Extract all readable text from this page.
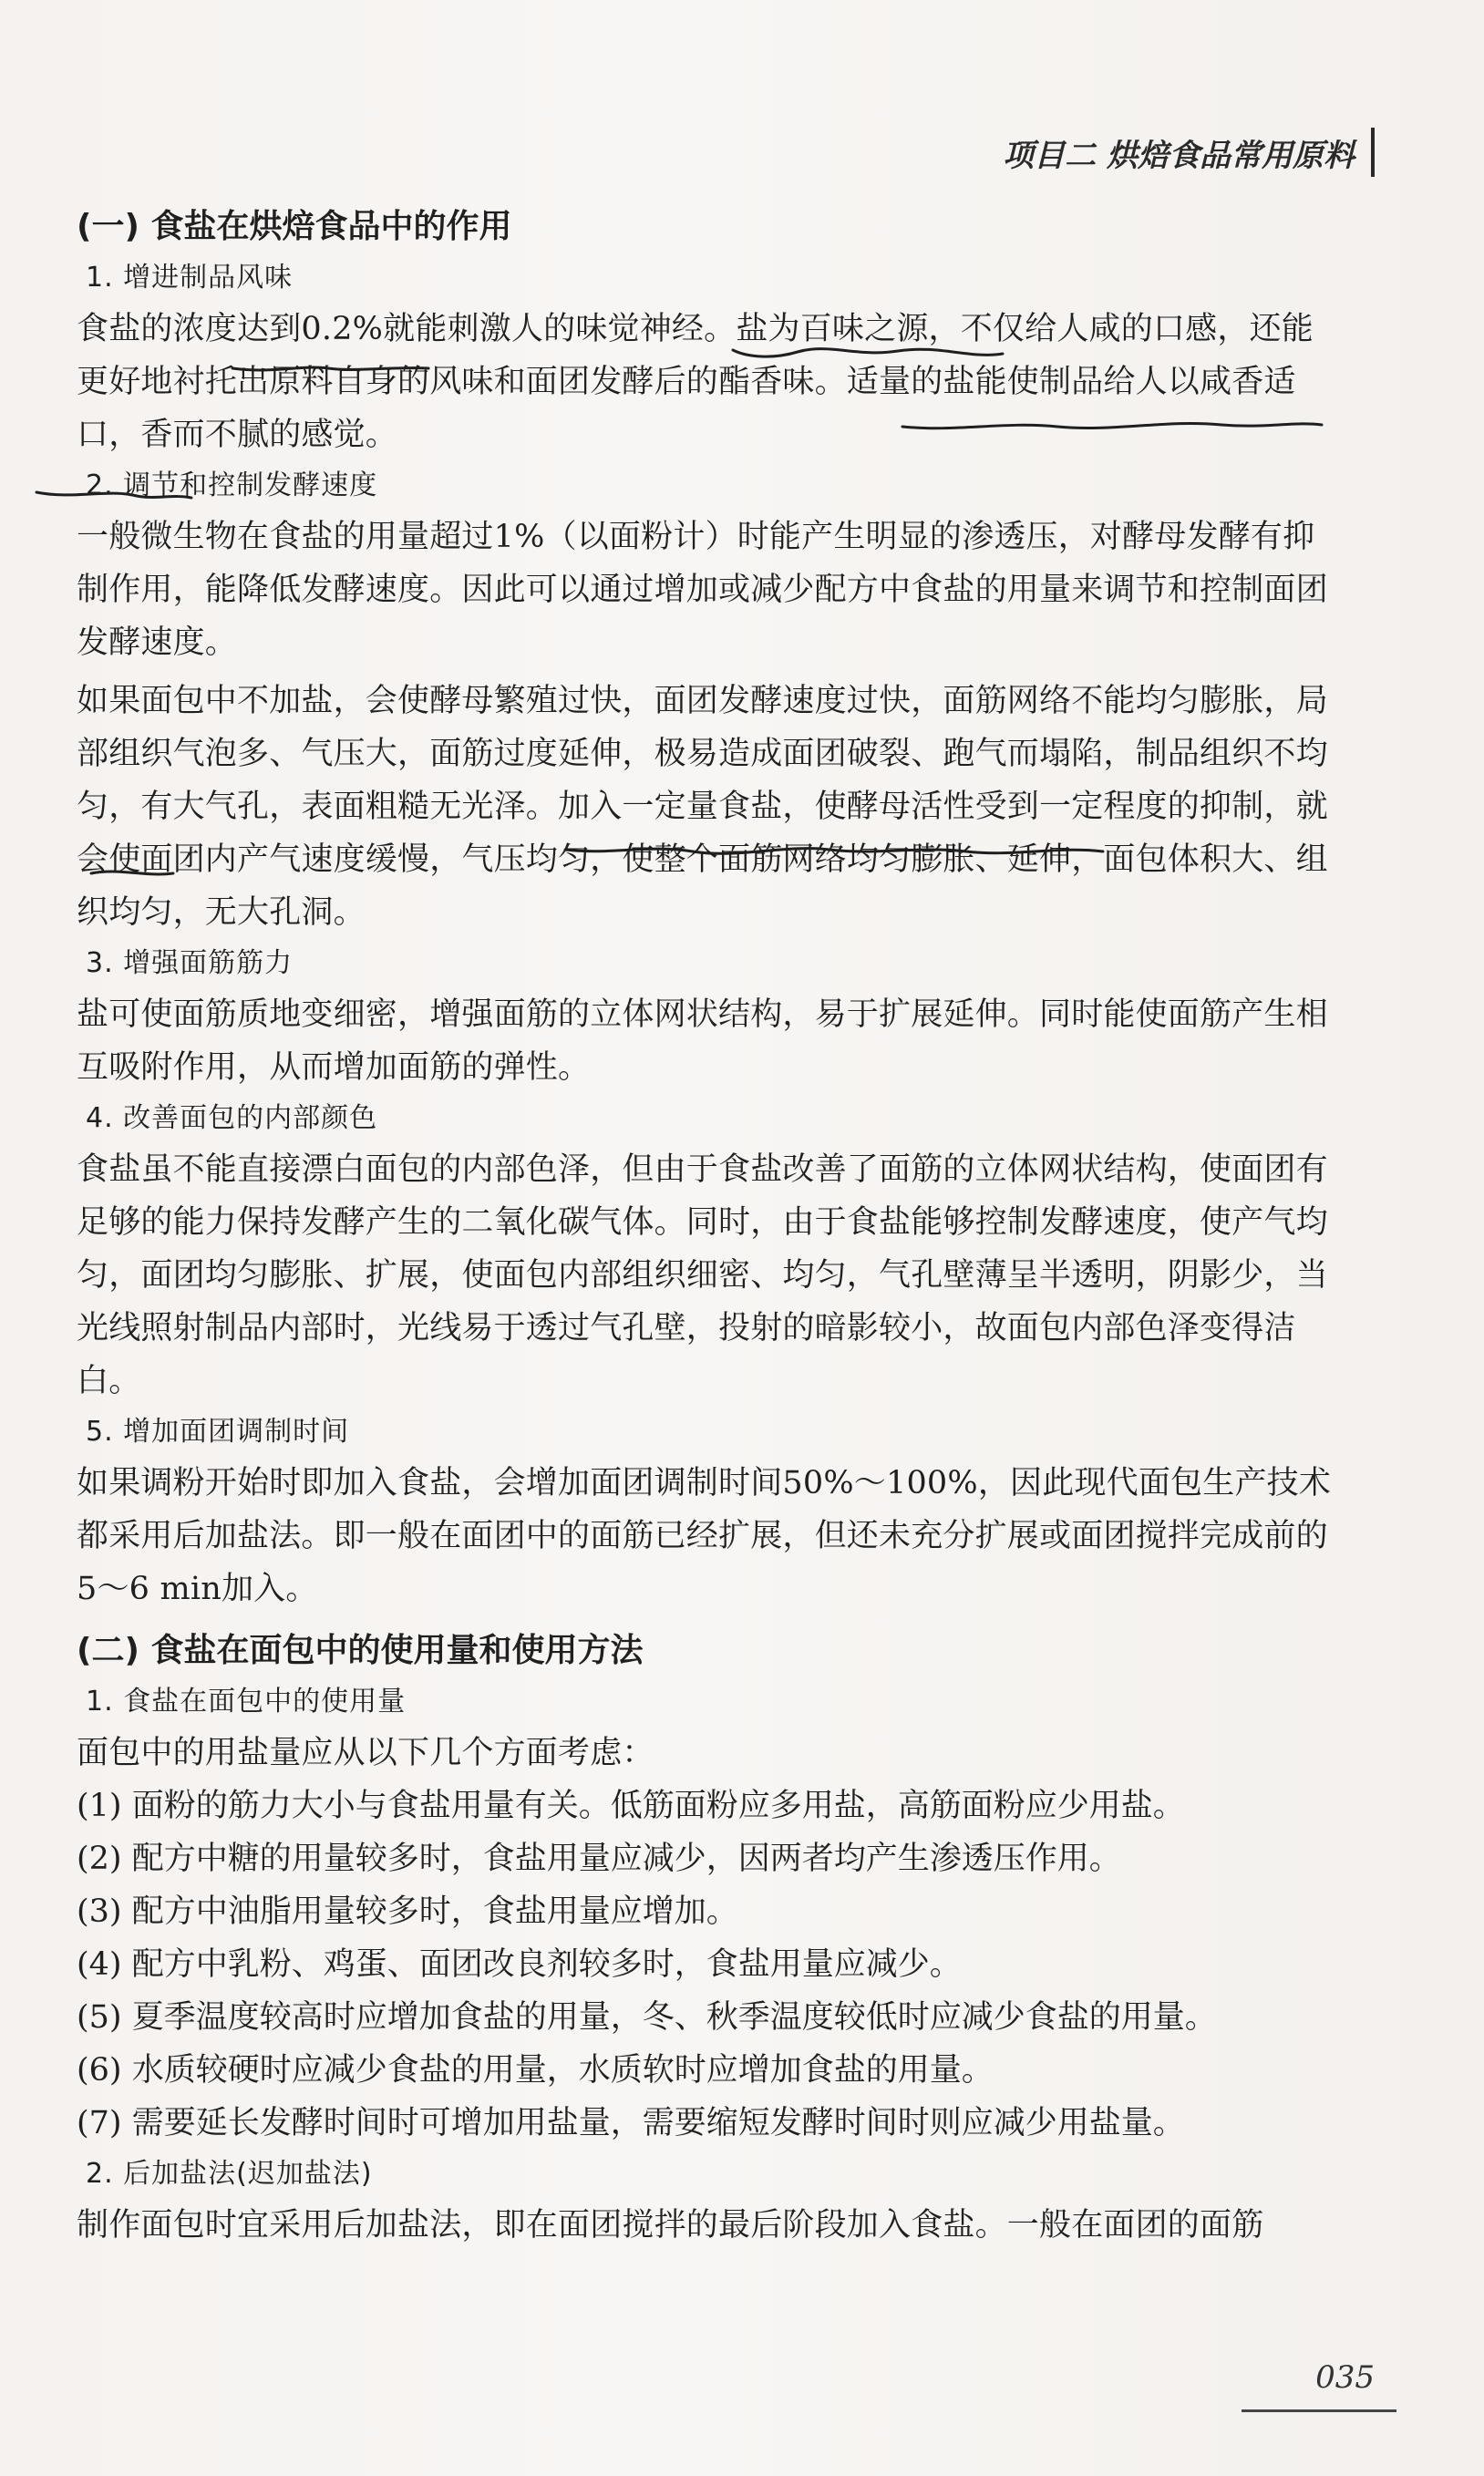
项目二 烘焙食品常用原料
(一) 食盐在烘焙食品中的作用

1. 增进制品风味

食盐的浓度达到0.2%就能刺激人的味觉神经。盐为百味之源，不仅给人咸的口感，还能更好地衬托出原料自身的风味和面团发酵后的酯香味。适量的盐能使制品给人以咸香适口，香而不腻的感觉。

2. 调节和控制发酵速度

一般微生物在食盐的用量超过1%（以面粉计）时能产生明显的渗透压，对酵母发酵有抑制作用，能降低发酵速度。因此可以通过增加或减少配方中食盐的用量来调节和控制面团发酵速度。

如果面包中不加盐，会使酵母繁殖过快，面团发酵速度过快，面筋网络不能均匀膨胀，局部组织气泡多、气压大，面筋过度延伸，极易造成面团破裂、跑气而塌陷，制品组织不均匀，有大气孔，表面粗糙无光泽。加入一定量食盐，使酵母活性受到一定程度的抑制，就会使面团内产气速度缓慢，气压均匀，使整个面筋网络均匀膨胀、延伸，面包体积大、组织均匀，无大孔洞。

3. 增强面筋筋力

盐可使面筋质地变细密，增强面筋的立体网状结构，易于扩展延伸。同时能使面筋产生相互吸附作用，从而增加面筋的弹性。

4. 改善面包的内部颜色

食盐虽不能直接漂白面包的内部色泽，但由于食盐改善了面筋的立体网状结构，使面团有足够的能力保持发酵产生的二氧化碳气体。同时，由于食盐能够控制发酵速度，使产气均匀，面团均匀膨胀、扩展，使面包内部组织细密、均匀，气孔壁薄呈半透明，阴影少，当光线照射制品内部时，光线易于透过气孔壁，投射的暗影较小，故面包内部色泽变得洁白。

5. 增加面团调制时间

如果调粉开始时即加入食盐，会增加面团调制时间50%～100%，因此现代面包生产技术都采用后加盐法。即一般在面团中的面筋已经扩展，但还未充分扩展或面团搅拌完成前的5～6 min加入。

(二) 食盐在面包中的使用量和使用方法

1. 食盐在面包中的使用量

面包中的用盐量应从以下几个方面考虑：

(1) 面粉的筋力大小与食盐用量有关。低筋面粉应多用盐，高筋面粉应少用盐。

(2) 配方中糖的用量较多时，食盐用量应减少，因两者均产生渗透压作用。

(3) 配方中油脂用量较多时，食盐用量应增加。

(4) 配方中乳粉、鸡蛋、面团改良剂较多时，食盐用量应减少。

(5) 夏季温度较高时应增加食盐的用量，冬、秋季温度较低时应减少食盐的用量。

(6) 水质较硬时应减少食盐的用量，水质软时应增加食盐的用量。

(7) 需要延长发酵时间时可增加用盐量，需要缩短发酵时间时则应减少用盐量。

2. 后加盐法(迟加盐法)

制作面包时宜采用后加盐法，即在面团搅拌的最后阶段加入食盐。一般在面团的面筋

035
